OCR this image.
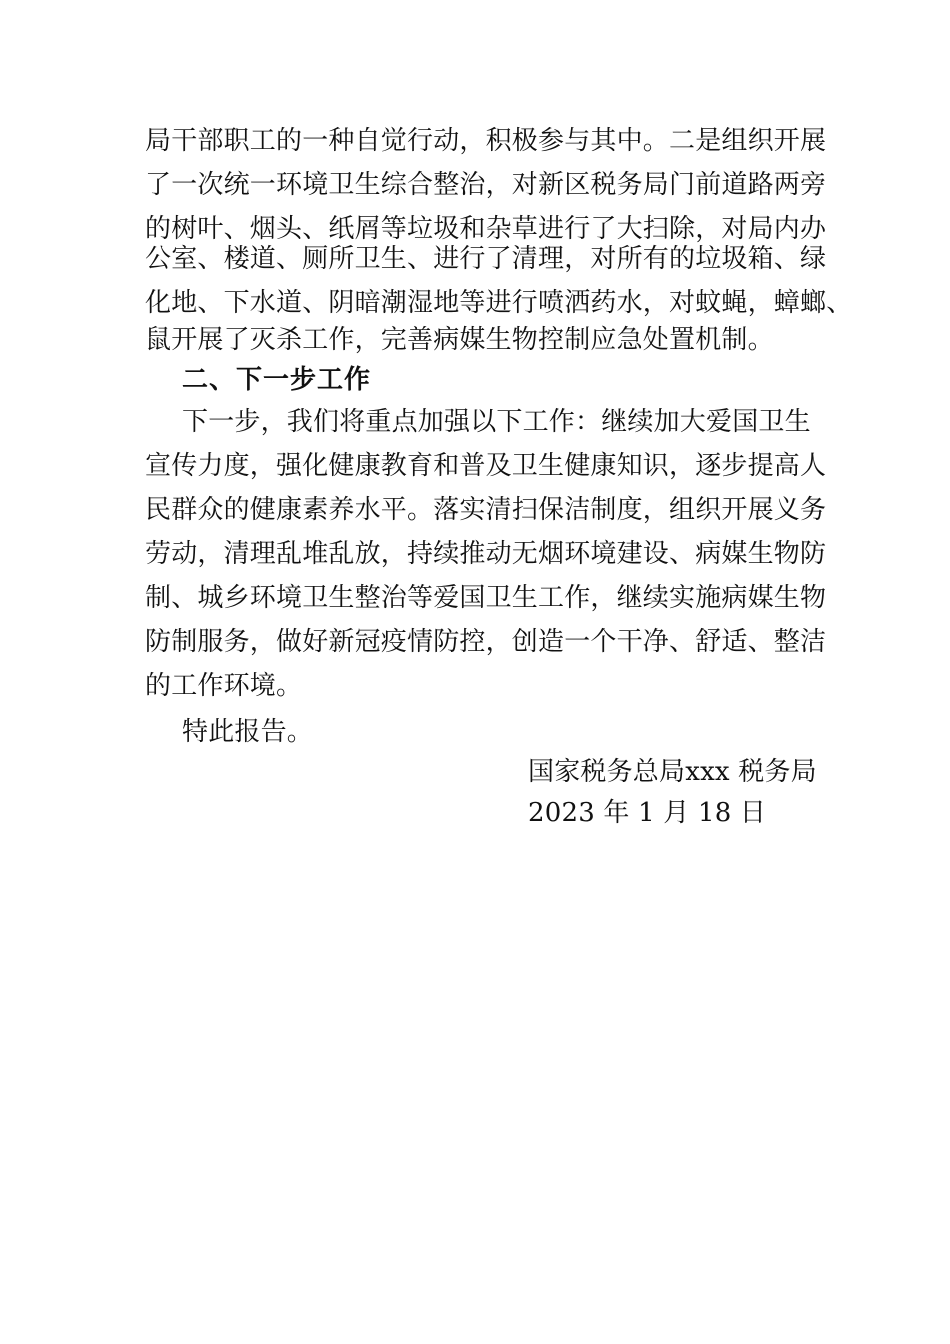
局干部职工的一种自觉行动，积极参与其中。二是组织开展
了一次统一环境卫生综合整治，对新区税务局门前道路两旁
的树叶、烟头、纸屑等垃圾和杂草进行了大扫除，对局内办
公室、楼道、厕所卫生、进行了清理，对所有的垃圾箱、绿
化地、下水道、阴暗潮湿地等进行喷洒药水，对蚊蝇，蟑螂、
鼠开展了灭杀工作，完善病媒生物控制应急处置机制。
二、下一步工作
下一步，我们将重点加强以下工作：继续加大爱国卫生
宣传力度，强化健康教育和普及卫生健康知识，逐步提高人
民群众的健康素养水平。落实清扫保洁制度，组织开展义务
劳动，清理乱堆乱放，持续推动无烟环境建设、病媒生物防
制、城乡环境卫生整治等爱国卫生工作，继续实施病媒生物
防制服务，做好新冠疫情防控，创造一个干净、舒适、整洁
的工作环境。
特此报告。
国家税务总局xxx 税务局
2023 年 1 月 18 日
